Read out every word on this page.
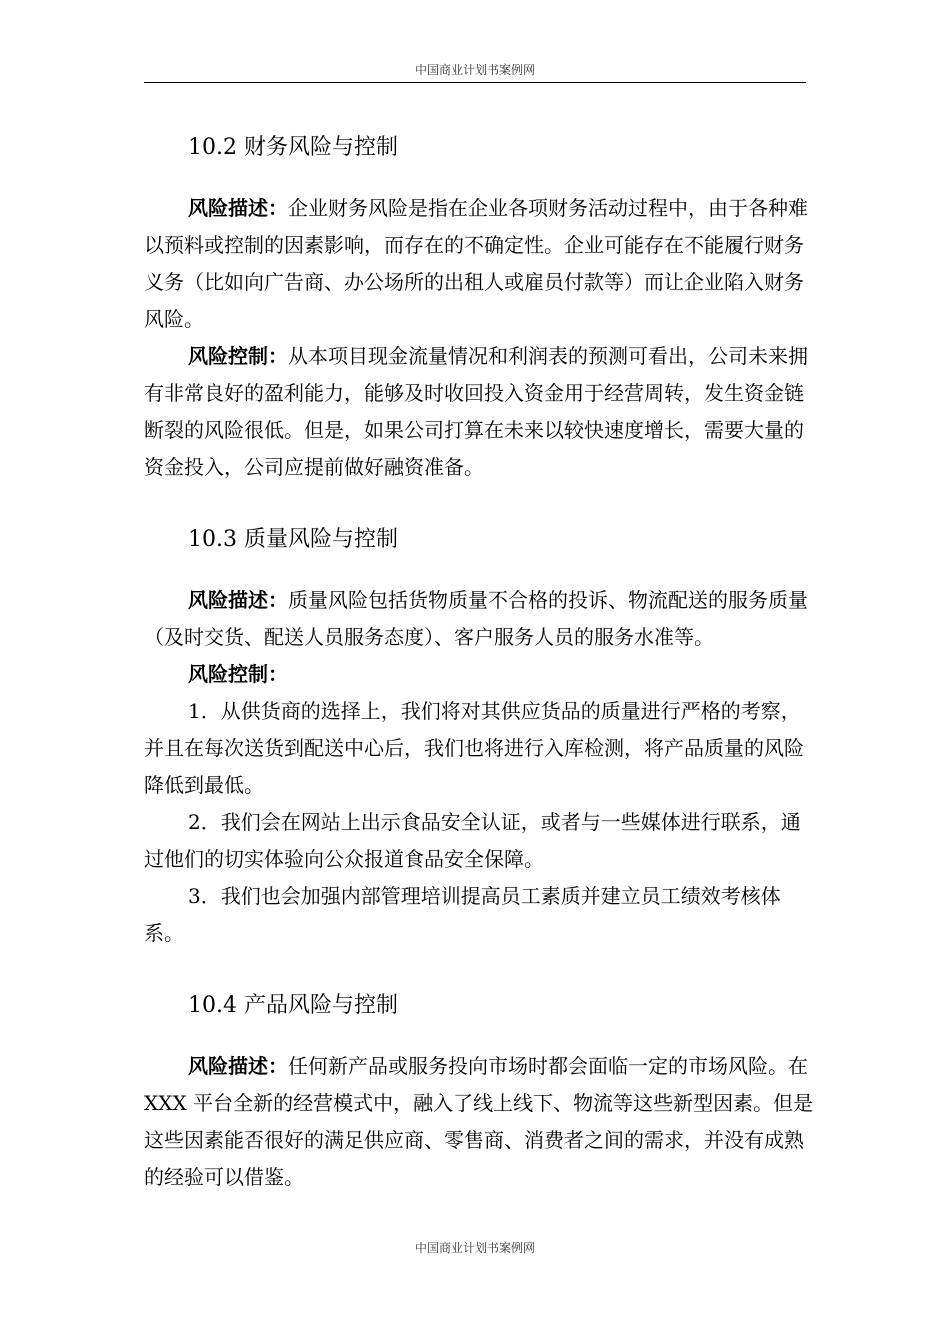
中国商业计划书案例网
10.2 财务风险与控制

风险描述：企业财务风险是指在企业各项财务活动过程中，由于各种难以预料或控制的因素影响，而存在的不确定性。企业可能存在不能履行财务义务（比如向广告商、办公场所的出租人或雇员付款等）而让企业陷入财务风险。

风险控制：从本项目现金流量情况和利润表的预测可看出，公司未来拥有非常良好的盈利能力，能够及时收回投入资金用于经营周转，发生资金链断裂的风险很低。但是，如果公司打算在未来以较快速度增长，需要大量的资金投入，公司应提前做好融资准备。

10.3 质量风险与控制

风险描述：质量风险包括货物质量不合格的投诉、物流配送的服务质量（及时交货、配送人员服务态度）、客户服务人员的服务水准等。

风险控制：

1．从供货商的选择上，我们将对其供应货品的质量进行严格的考察，并且在每次送货到配送中心后，我们也将进行入库检测，将产品质量的风险降低到最低。

2．我们会在网站上出示食品安全认证，或者与一些媒体进行联系，通过他们的切实体验向公众报道食品安全保障。

3．我们也会加强内部管理培训提高员工素质并建立员工绩效考核体系。

10.4 产品风险与控制

风险描述：任何新产品或服务投向市场时都会面临一定的市场风险。在 XXX 平台全新的经营模式中，融入了线上线下、物流等这些新型因素。但是这些因素能否很好的满足供应商、零售商、消费者之间的需求，并没有成熟的经验可以借鉴。

中国商业计划书案例网
